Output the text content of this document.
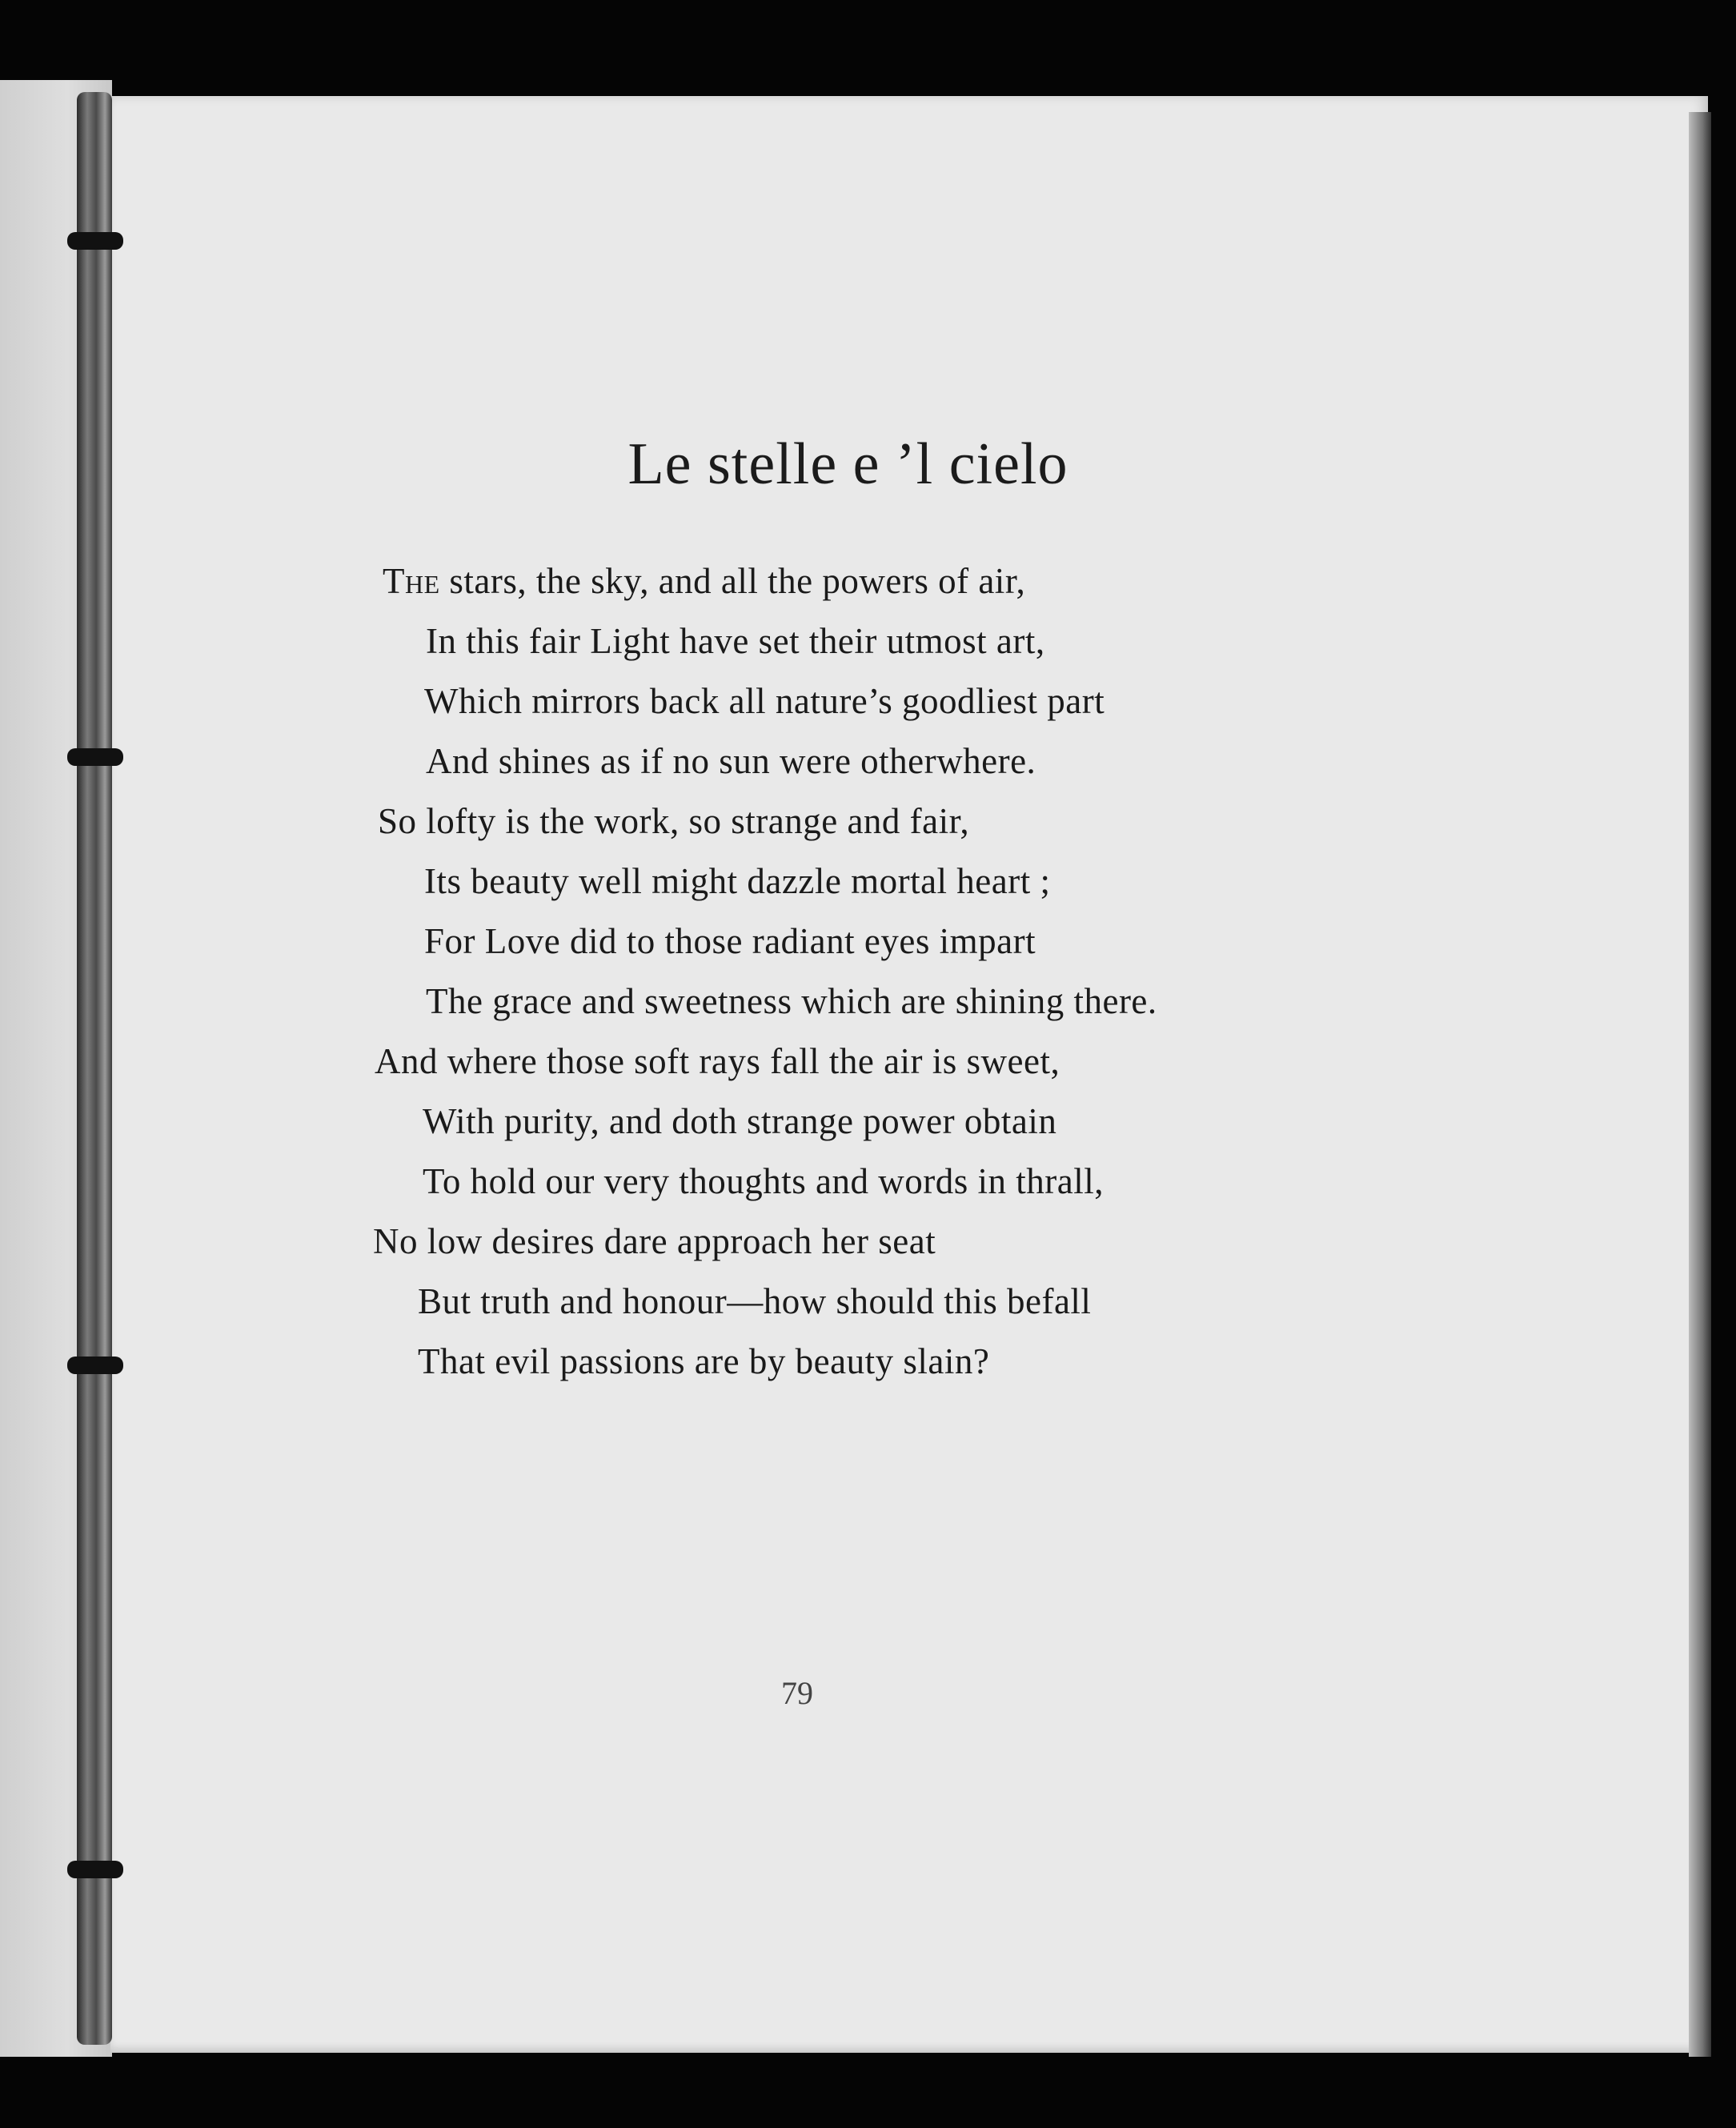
Le stelle e ’l cielo
The stars, the sky, and all the powers of air,
In this fair Light have set their utmost art,
Which mirrors back all nature’s goodliest part
And shines as if no sun were otherwhere.
So lofty is the work, so strange and fair,
Its beauty well might dazzle mortal heart ;
For Love did to those radiant eyes impart
The grace and sweetness which are shining there.
And where those soft rays fall the air is sweet,
With purity, and doth strange power obtain
To hold our very thoughts and words in thrall,
No low desires dare approach her seat
But truth and honour—how should this befall
That evil passions are by beauty slain?
79
